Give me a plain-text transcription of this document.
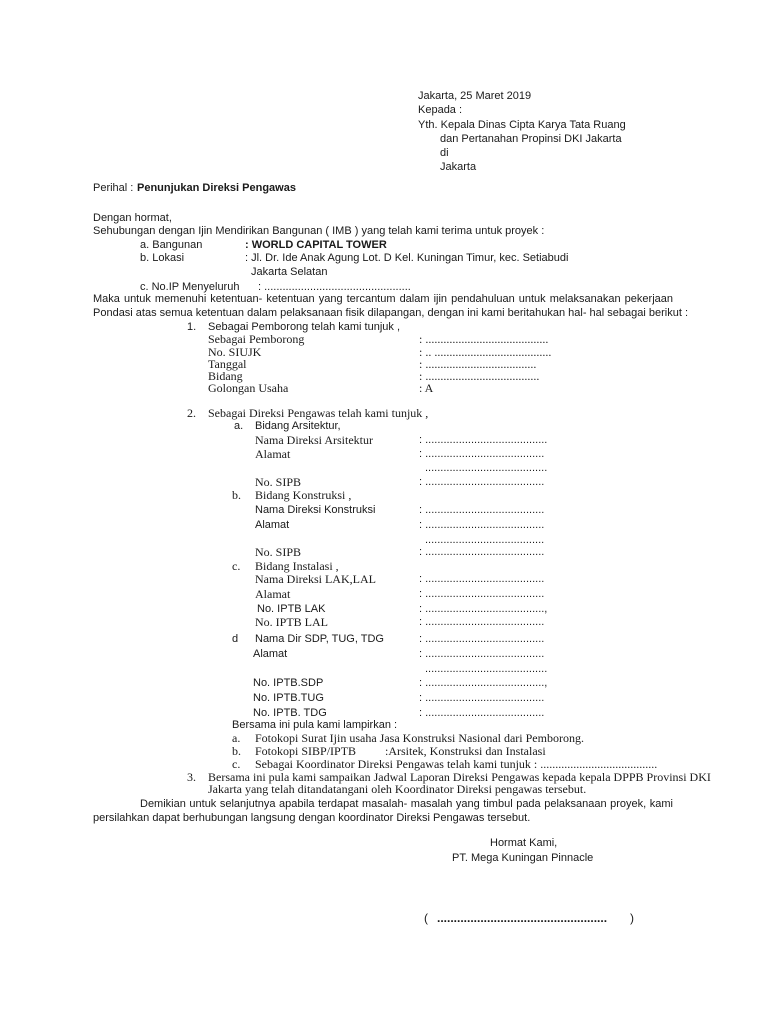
Jakarta, 25 Maret 2019
Kepada :
Yth. Kepala Dinas Cipta Karya Tata Ruang
dan Pertanahan Propinsi DKI Jakarta
di
Jakarta
Perihal : Penunjukan Direksi Pengawas
Dengan hormat,
Sehubungan dengan Ijin Mendirikan Bangunan ( IMB ) yang telah kami terima untuk proyek :
a. Bangunan	: WORLD CAPITAL TOWER
b. Lokasi	: Jl. Dr. Ide Anak Agung Lot. D Kel. Kuningan Timur, kec. Setiabudi
Jakarta Selatan
c. No.IP Menyeluruh : ................................................
Maka untuk memenuhi ketentuan- ketentuan yang tercantum dalam ijin pendahuluan untuk melaksanakan pekerjaan
Pondasi atas semua ketentuan dalam pelaksanaan fisik dilapangan, dengan ini kami beritahukan hal- hal sebagai berikut :
1. Sebagai Pemborong telah kami tunjuk ,
Sebagai Pemborong	: .........................................
No. SIUJK	: .. .......................................
Tanggal	: .....................................
Bidang	: ......................................
Golongan Usaha	: A
2. Sebagai Direksi Pengawas telah kami tunjuk ,
a. Bidang Arsitektur,
Nama Direksi Arsitektur	: ........................................
Alamat	: .......................................
........................................
No. SIPB	: .......................................
b. Bidang Konstruksi ,
Nama Direksi Konstruksi	: .......................................
Alamat	: .......................................
.......................................
No. SIPB	: .......................................
c. Bidang Instalasi ,
Nama Direksi LAK,LAL	: .......................................
Alamat	: .......................................
No. IPTB LAK	: .......................................,
No. IPTB LAL	: .......................................
d Nama Dir SDP, TUG, TDG	: .......................................
Alamat	: .......................................
........................................
No. IPTB.SDP	: .......................................,
No. IPTB.TUG	: .......................................
No. IPTB. TDG	: .......................................
Bersama ini pula kami lampirkan :
a. Fotokopi Surat Ijin usaha Jasa Konstruksi Nasional dari Pemborong.
b. Fotokopi SIBP/IPTB :Arsitek, Konstruksi dan Instalasi
c. Sebagai Koordinator Direksi Pengawas telah kami tunjuk : .......................................
3. Bersama ini pula kami sampaikan Jadwal Laporan Direksi Pengawas kepada kepala DPPB Provinsi DKI
Jakarta yang telah ditandatangani oleh Koordinator Direksi pengawas tersebut.
Demikian untuk selanjutnya apabila terdapat masalah- masalah yang timbul pada pelaksanaan proyek, kami
persilahkan dapat berhubungan langsung dengan koordinator Direksi Pengawas tersebut.
Hormat Kami,
PT. Mega Kuningan Pinnacle
( ................................................... )
